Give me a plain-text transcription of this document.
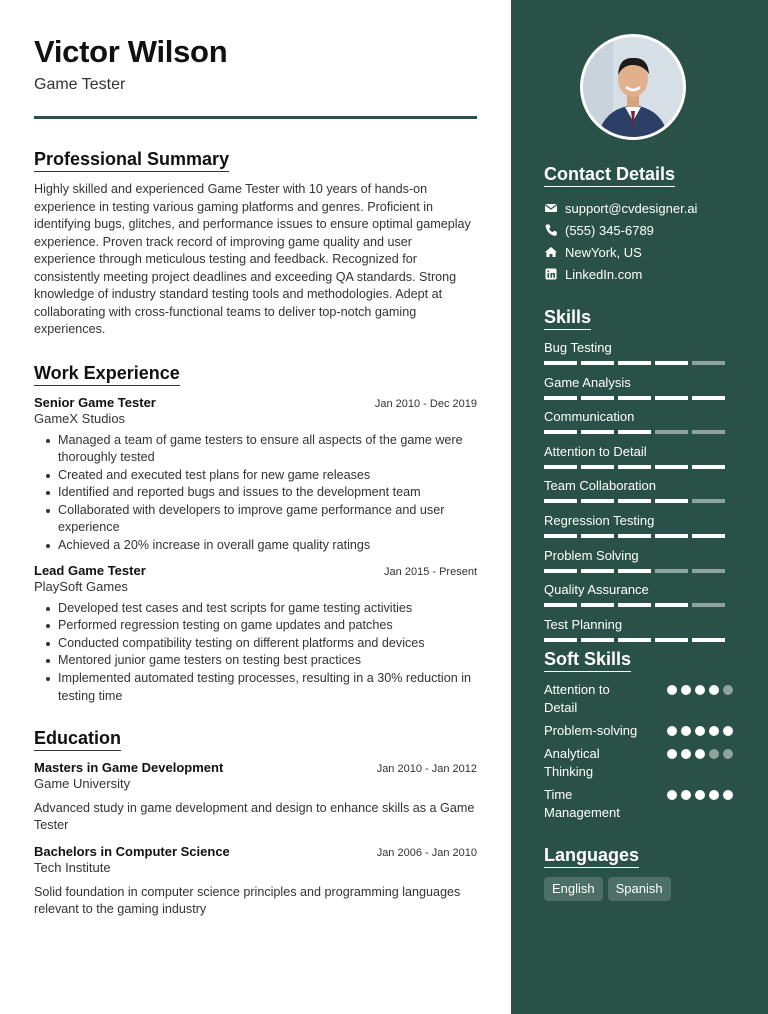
Victor Wilson
Game Tester
Professional Summary
Highly skilled and experienced Game Tester with 10 years of hands-on experience in testing various gaming platforms and genres. Proficient in identifying bugs, glitches, and performance issues to ensure optimal gameplay experience. Proven track record of improving game quality and user experience through meticulous testing and feedback. Recognized for consistently meeting project deadlines and exceeding QA standards. Strong knowledge of industry standard testing tools and methodologies. Adept at collaborating with cross-functional teams to deliver top-notch gaming experiences.
Work Experience
Senior Game Tester	Jan 2010 - Dec 2019
GameX Studios
Managed a team of game testers to ensure all aspects of the game were thoroughly tested
Created and executed test plans for new game releases
Identified and reported bugs and issues to the development team
Collaborated with developers to improve game performance and user experience
Achieved a 20% increase in overall game quality ratings
Lead Game Tester	Jan 2015 - Present
PlaySoft Games
Developed test cases and test scripts for game testing activities
Performed regression testing on game updates and patches
Conducted compatibility testing on different platforms and devices
Mentored junior game testers on testing best practices
Implemented automated testing processes, resulting in a 30% reduction in testing time
Education
Masters in Game Development	Jan 2010 - Jan 2012
Game University
Advanced study in game development and design to enhance skills as a Game Tester
Bachelors in Computer Science	Jan 2006 - Jan 2010
Tech Institute
Solid foundation in computer science principles and programming languages relevant to the gaming industry
Contact Details
support@cvdesigner.ai
(555) 345-6789
NewYork, US
LinkedIn.com
Skills
Bug Testing
Game Analysis
Communication
Attention to Detail
Team Collaboration
Regression Testing
Problem Solving
Quality Assurance
Test Planning
Soft Skills
Attention to Detail
Problem-solving
Analytical Thinking
Time Management
Languages
English	Spanish
